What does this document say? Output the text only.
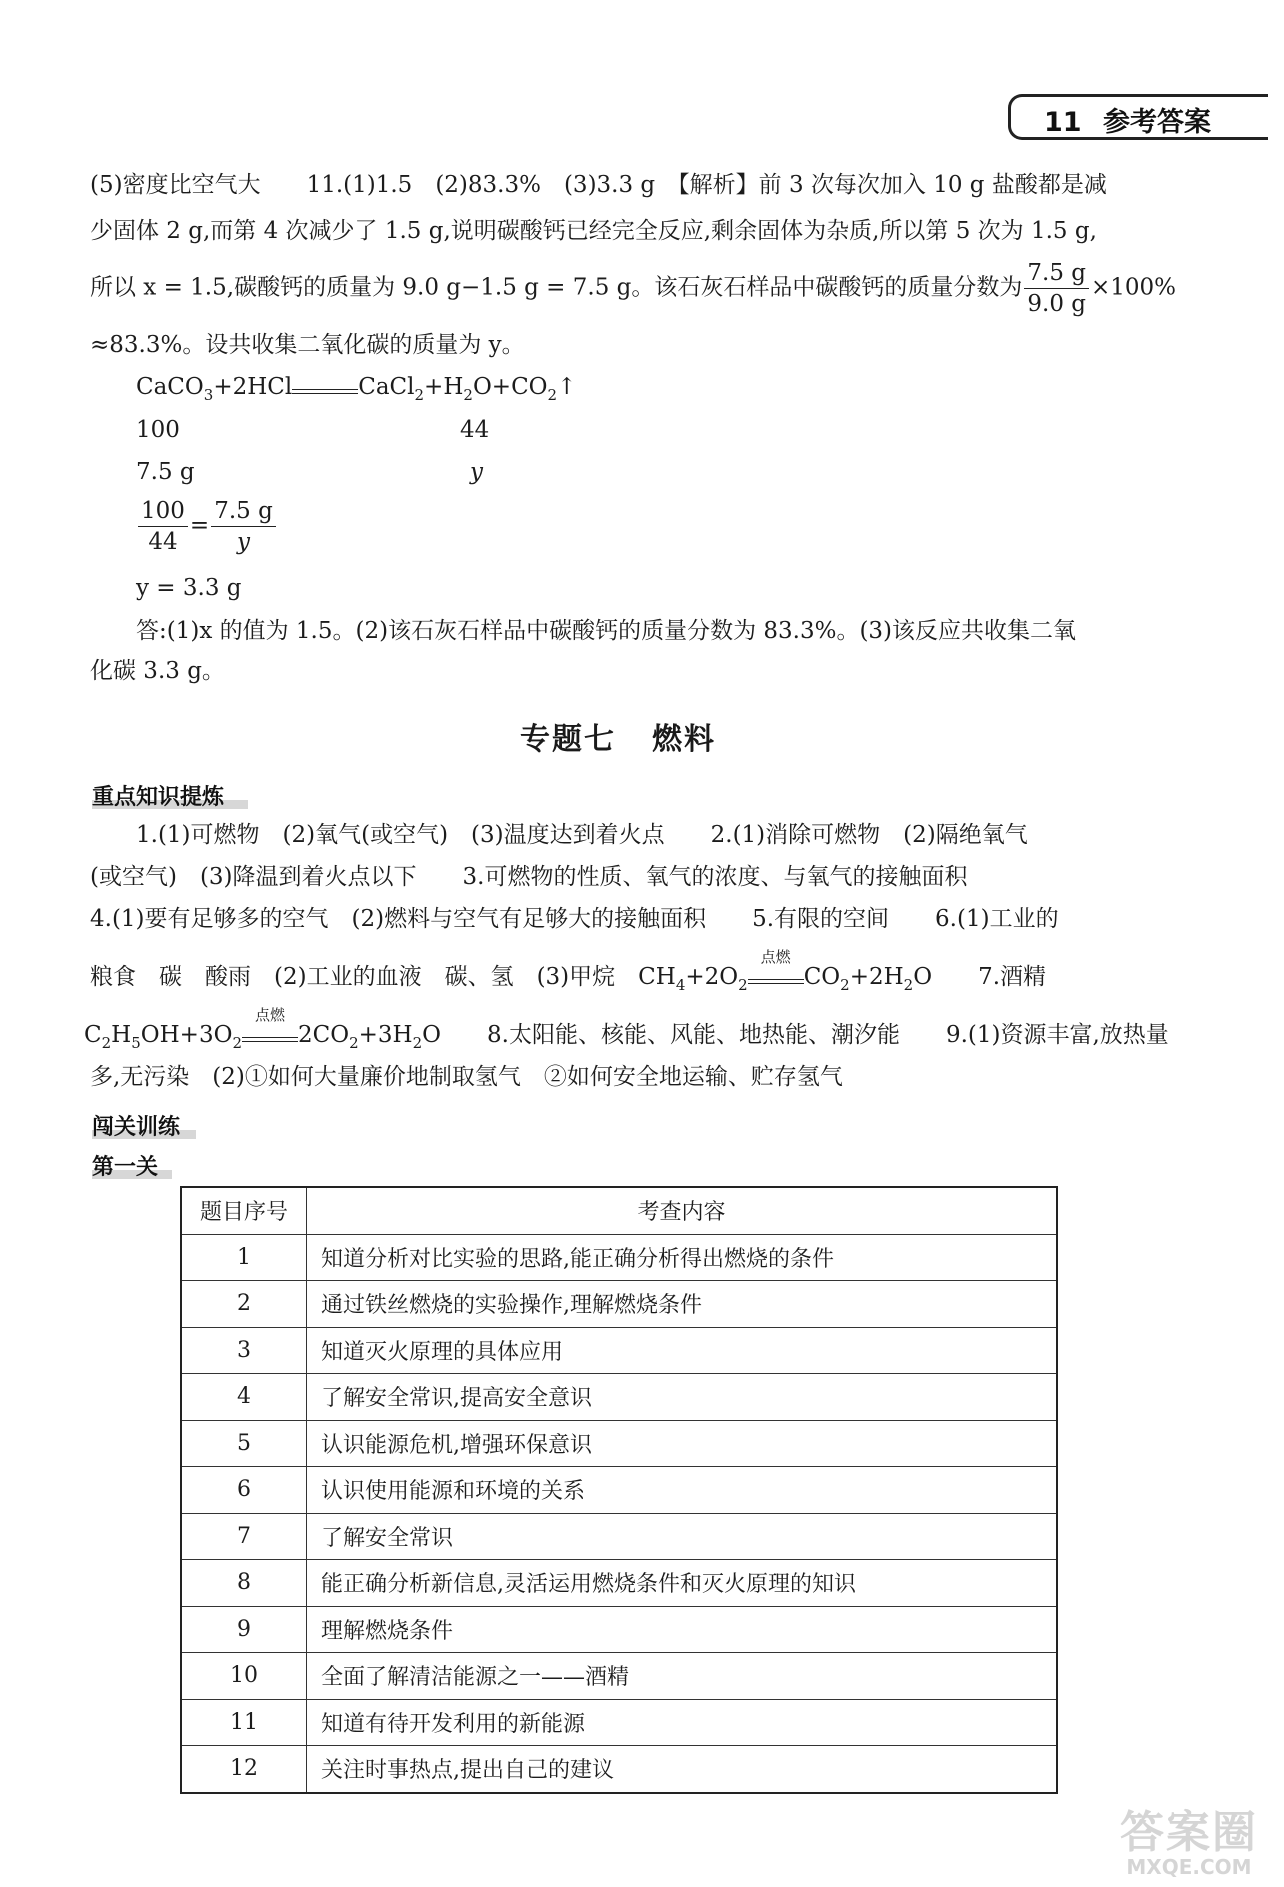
11 参考答案
(5)密度比空气大　　11.(1)1.5　(2)83.3%　(3)3.3 g　【解析】前 3 次每次加入 10 g 盐酸都是减
少固体 2 g,而第 4 次减少了 1.5 g,说明碳酸钙已经完全反应,剩余固体为杂质,所以第 5 次为 1.5 g,
所以 x = 1.5,碳酸钙的质量为 9.0 g−1.5 g = 7.5 g。该石灰石样品中碳酸钙的质量分数为 $\frac{7.5 g}{9.0 g} \times 100\%$
≈83.3%。设共收集二氧化碳的质量为 y。
CaCO$_3$+2HCl	$CaCl_2+H_2O+CO_2↑$
100	44
7.5 g	y
$\frac{100}{44} = \frac{7.5 g}{y}$
y = 3.3 g
答:(1)x 的值为 1.5。(2)该石灰石样品中碳酸钙的质量分数为 83.3%。(3)该反应共收集二氧
化碳 3.3 g。
专题七 燃料
重点知识提炼
1.(1)可燃物　(2)氧气(或空气)　(3)温度达到着火点　　2.(1)消除可燃物　(2)隔绝氧气
(或空气)　(3)降温到着火点以下　　3.可燃物的性质、氧气的浓度、与氧气的接触面积
4.(1)要有足够多的空气　(2)燃料与空气有足够大的接触面积　　5.有限的空间　　6.(1)工业的
粮食　碳　酸雨　(2)工业的血液　碳、氢　(3)甲烷　$CH_4+2O_2$
点燃
$CO_2+2H_2O$　　7.酒精
$C_2H_5OH+3O_2$
点燃
$2CO_2+3H_2O$　　8.太阳能、核能、风能、地热能、潮汐能　　9.(1)资源丰富,放热量
多,无污染　(2)①如何大量廉价地制取氢气　②如何安全地运输、贮存氢气
闯关训练
第一关
题目序号	考查内容
1	知道分析对比实验的思路,能正确分析得出燃烧的条件
2	通过铁丝燃烧的实验操作,理解燃烧条件
3	知道灭火原理的具体应用
4	了解安全常识,提高安全意识
5	认识能源危机,增强环保意识
6	认识使用能源和环境的关系
7	了解安全常识
8	能正确分析新信息,灵活运用燃烧条件和灭火原理的知识
9	理解燃烧条件
10	全面了解清洁能源之一——酒精
11	知道有待开发利用的新能源
12	关注时事热点,提出自己的建议
答案圈
MXQE.COM
